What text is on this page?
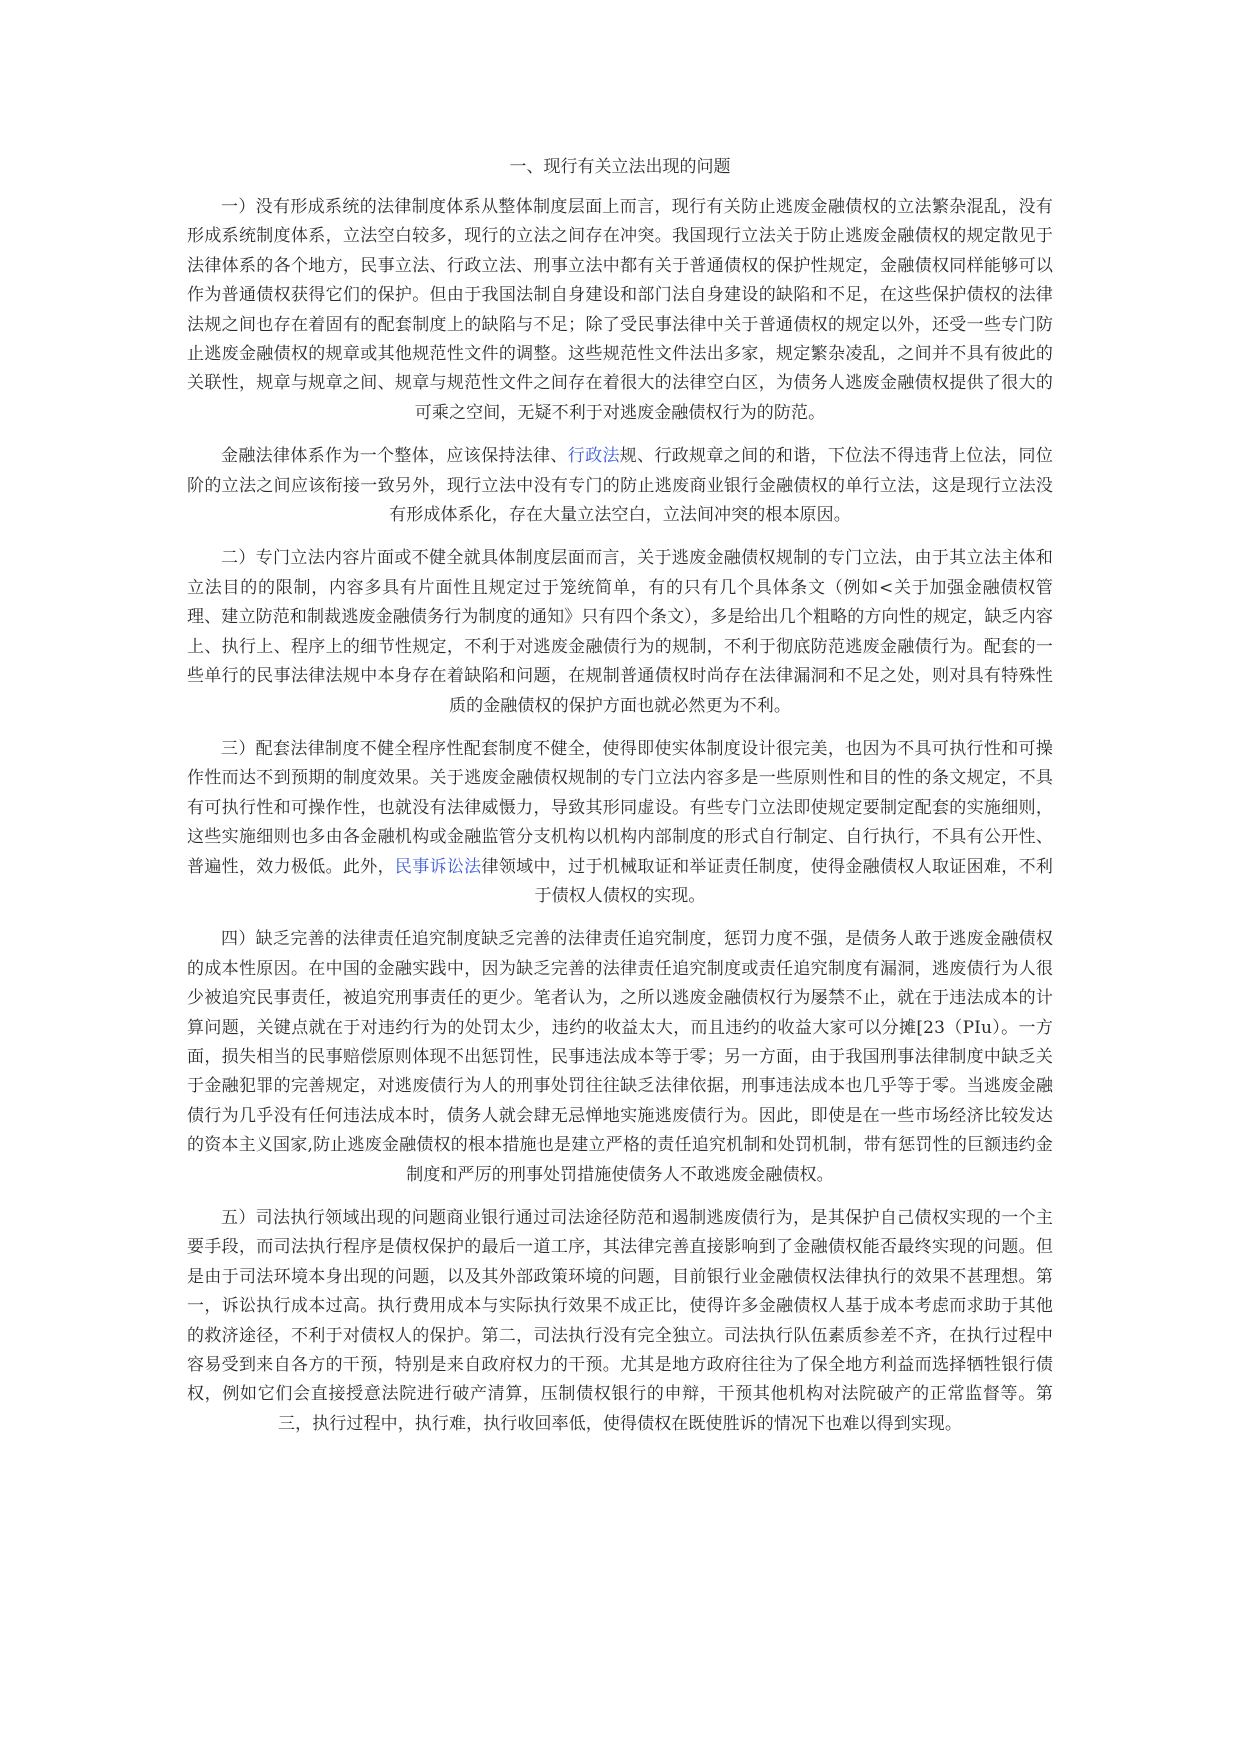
一、现行有关立法出现的问题

一）没有形成系统的法律制度体系从整体制度层面上而言，现行有关防止逃废金融债权的立法繁杂混乱，没有形成系统制度体系，立法空白较多，现行的立法之间存在冲突。我国现行立法关于防止逃废金融债权的规定散见于法律体系的各个地方，民事立法、行政立法、刑事立法中都有关于普通债权的保护性规定，金融债权同样能够可以作为普通债权获得它们的保护。但由于我国法制自身建设和部门法自身建设的缺陷和不足，在这些保护债权的法律法规之间也存在着固有的配套制度上的缺陷与不足；除了受民事法律中关于普通债权的规定以外，还受一些专门防止逃废金融债权的规章或其他规范性文件的调整。这些规范性文件法出多家，规定繁杂凌乱，之间并不具有彼此的关联性，规章与规章之间、规章与规范性文件之间存在着很大的法律空白区，为债务人逃废金融债权提供了很大的可乘之空间，无疑不利于对逃废金融债权行为的防范。

金融法律体系作为一个整体，应该保持法律、行政法规、行政规章之间的和谐，下位法不得违背上位法，同位阶的立法之间应该衔接一致另外，现行立法中没有专门的防止逃废商业银行金融债权的单行立法，这是现行立法没有形成体系化，存在大量立法空白，立法间冲突的根本原因。

二）专门立法内容片面或不健全就具体制度层面而言，关于逃废金融债权规制的专门立法，由于其立法主体和立法目的的限制，内容多具有片面性且规定过于笼统简单，有的只有几个具体条文（例如<关于加强金融债权管理、建立防范和制裁逃废金融债务行为制度的通知》只有四个条文），多是给出几个粗略的方向性的规定，缺乏内容上、执行上、程序上的细节性规定，不利于对逃废金融债行为的规制，不利于彻底防范逃废金融债行为。配套的一些单行的民事法律法规中本身存在着缺陷和问题，在规制普通债权时尚存在法律漏洞和不足之处，则对具有特殊性质的金融债权的保护方面也就必然更为不利。

三）配套法律制度不健全程序性配套制度不健全，使得即使实体制度设计很完美，也因为不具可执行性和可操作性而达不到预期的制度效果。关于逃废金融债权规制的专门立法内容多是一些原则性和目的性的条文规定，不具有可执行性和可操作性，也就没有法律威慑力，导致其形同虚设。有些专门立法即使规定要制定配套的实施细则，这些实施细则也多由各金融机构或金融监管分支机构以机构内部制度的形式自行制定、自行执行，不具有公开性、普遍性，效力极低。此外，民事诉讼法律领域中，过于机械取证和举证责任制度，使得金融债权人取证困难，不利于债权人债权的实现。

四）缺乏完善的法律责任追究制度缺乏完善的法律责任追究制度，惩罚力度不强，是债务人敢于逃废金融债权的成本性原因。在中国的金融实践中，因为缺乏完善的法律责任追究制度或责任追究制度有漏洞，逃废债行为人很少被追究民事责任，被追究刑事责任的更少。笔者认为，之所以逃废金融债权行为屡禁不止，就在于违法成本的计算问题，关键点就在于对违约行为的处罚太少，违约的收益太大，而且违约的收益大家可以分摊[23（PIu）。一方面，损失相当的民事赔偿原则体现不出惩罚性，民事违法成本等于零；另一方面，由于我国刑事法律制度中缺乏关于金融犯罪的完善规定，对逃废债行为人的刑事处罚往往缺乏法律依据，刑事违法成本也几乎等于零。当逃废金融债行为几乎没有任何违法成本时，债务人就会肆无忌惮地实施逃废债行为。因此，即使是在一些市场经济比较发达的资本主义国家,防止逃废金融债权的根本措施也是建立严格的责任追究机制和处罚机制，带有惩罚性的巨额违约金制度和严厉的刑事处罚措施使债务人不敢逃废金融债权。

五）司法执行领域出现的问题商业银行通过司法途径防范和遏制逃废债行为，是其保护自己债权实现的一个主要手段，而司法执行程序是债权保护的最后一道工序，其法律完善直接影响到了金融债权能否最终实现的问题。但是由于司法环境本身出现的问题，以及其外部政策环境的问题，目前银行业金融债权法律执行的效果不甚理想。第一，诉讼执行成本过高。执行费用成本与实际执行效果不成正比，使得许多金融债权人基于成本考虑而求助于其他的救济途径，不利于对债权人的保护。第二，司法执行没有完全独立。司法执行队伍素质参差不齐，在执行过程中容易受到来自各方的干预，特别是来自政府权力的干预。尤其是地方政府往往为了保全地方利益而选择牺牲银行债权，例如它们会直接授意法院进行破产清算，压制债权银行的申辩，干预其他机构对法院破产的正常监督等。第三，执行过程中，执行难，执行收回率低，使得债权在既使胜诉的情况下也难以得到实现。
